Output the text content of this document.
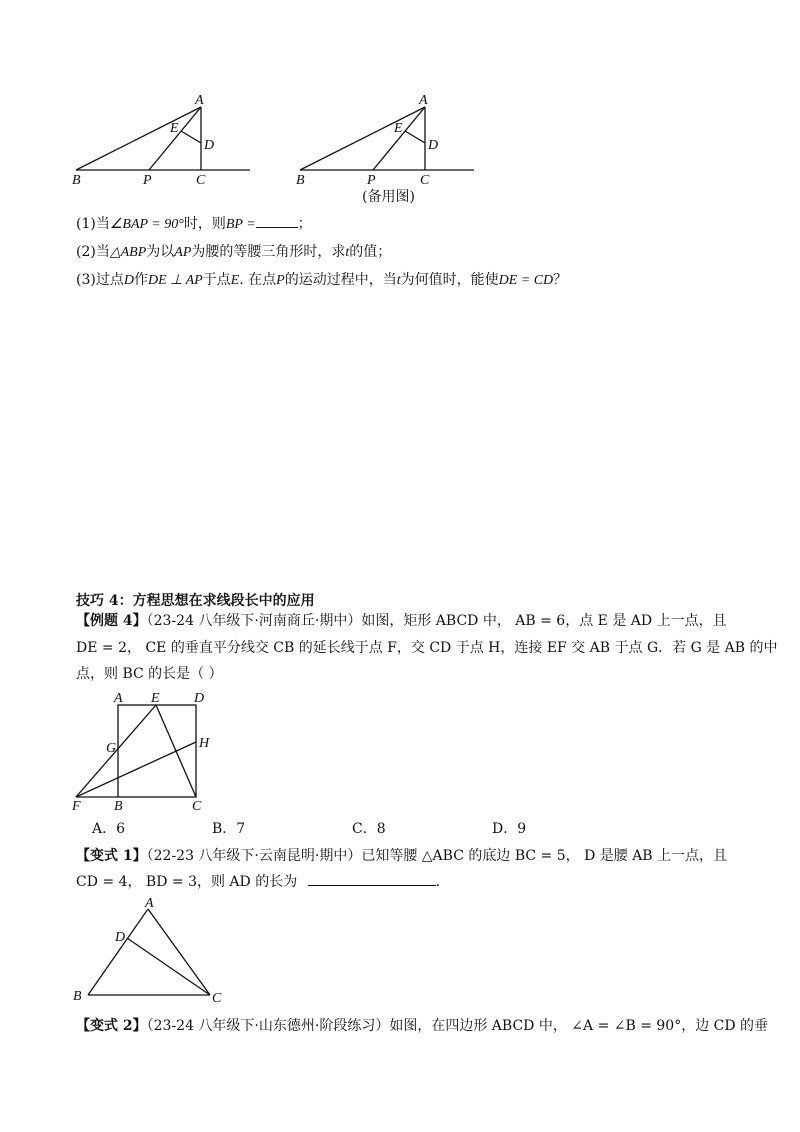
A
E
D
B	P	C
A
E
D
B	P	C
(备用图)
(1)当∠BAP = 90°时，则BP =	；
(2)当△ABP为以AP为腰的等腰三角形时，求t的值；
(3)过点D作DE ⊥ AP于点E. 在点P的运动过程中，当t为何值时，能使DE = CD？
技巧 4：方程思想在求线段长中的应用
【例题 4】（23-24 八年级下·河南商丘·期中）如图，矩形 ABCD 中， AB = 6，点 E 是 AD 上一点，且
DE = 2， CE 的垂直平分线交 CB 的延长线于点 F，交 CD 于点 H，连接 EF 交 AB 于点 G．若 G 是 AB 的中
点，则 BC 的长是（ ）
A E D
G	H
F B	C
A．6	B．7	C．8	D．9
【变式 1】（22-23 八年级下·云南昆明·期中）已知等腰 △ABC 的底边 BC = 5， D 是腰 AB 上一点，且
CD = 4， BD = 3，则 AD 的长为	.
A
D
B	C
【变式 2】（23-24 八年级下·山东德州·阶段练习）如图，在四边形 ABCD 中， ∠A = ∠B = 90°，边 CD 的垂
